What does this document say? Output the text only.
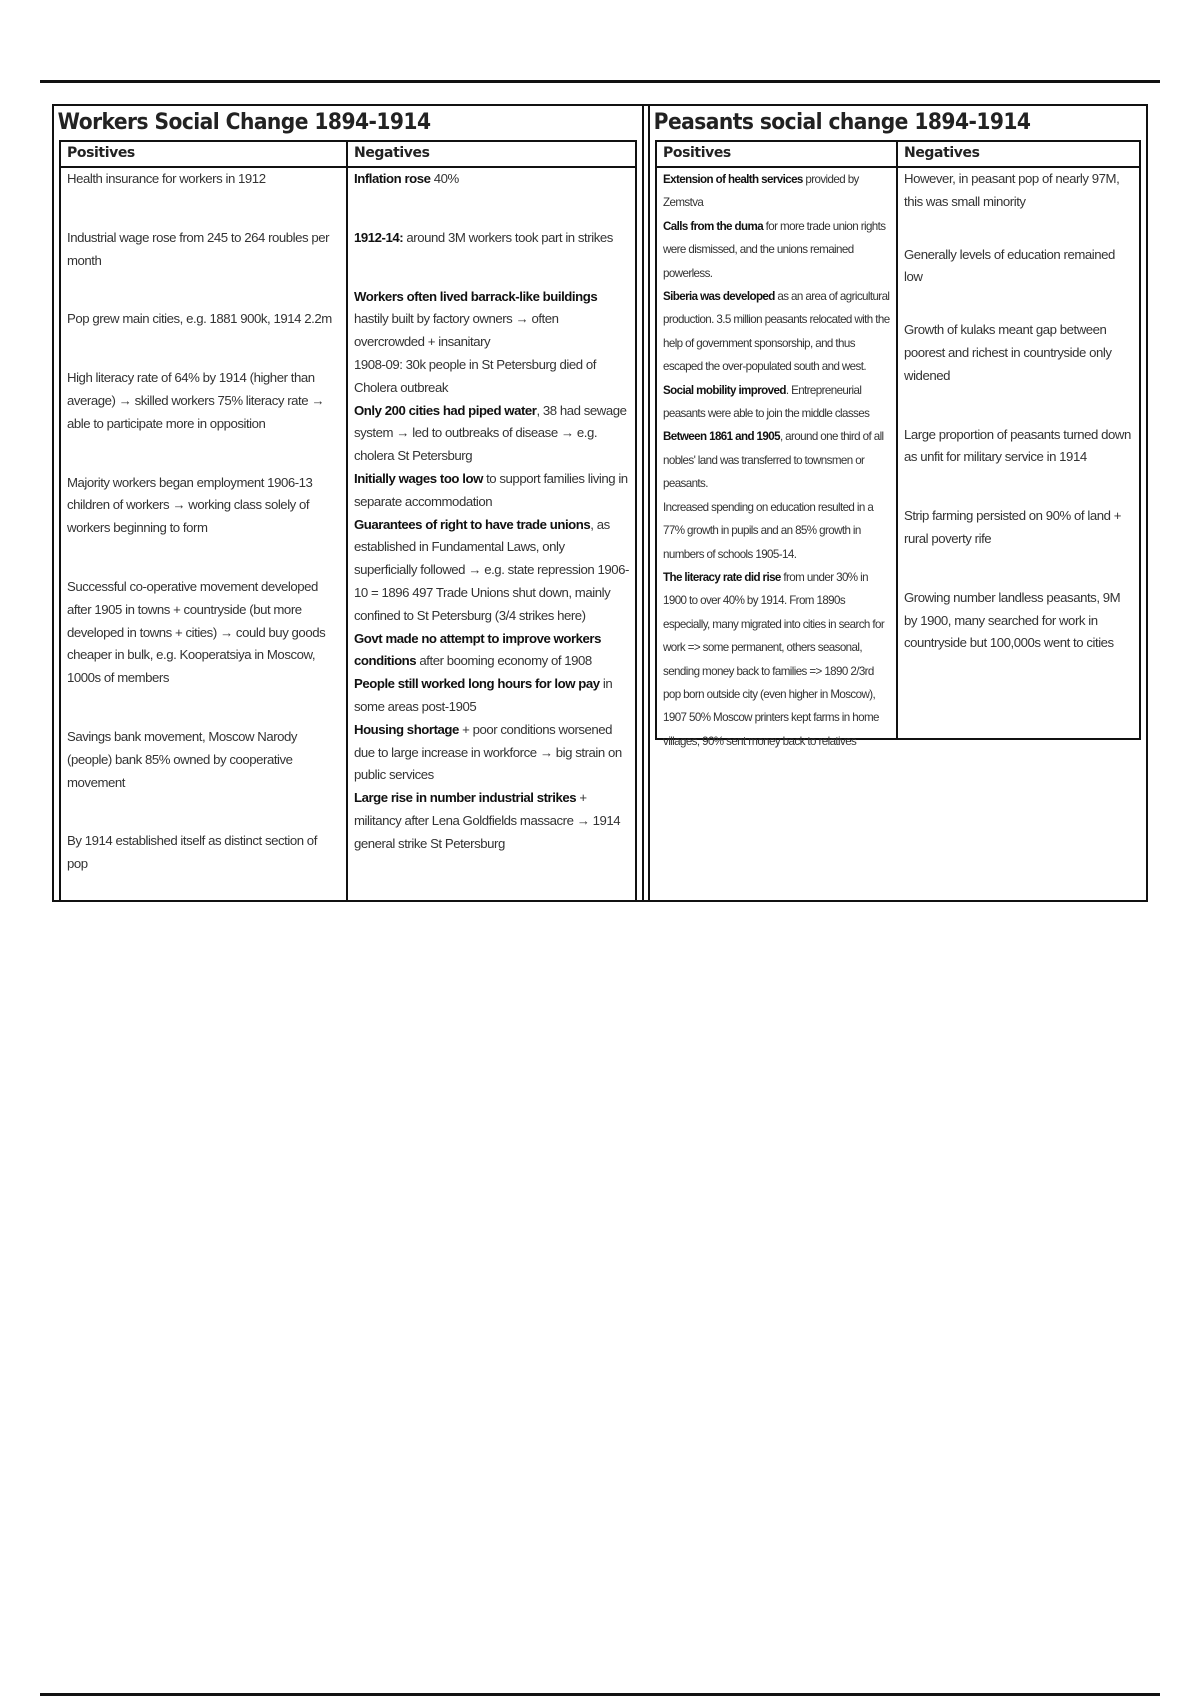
Workers Social Change 1894-1914
Positives	Negatives

Health insurance for workers in 1912

Industrial wage rose from 245 to 264 roubles per month

Pop grew main cities, e.g. 1881 900k, 1914 2.2m

High literacy rate of 64% by 1914 (higher than average) → skilled workers 75% literacy rate → able to participate more in opposition

Majority workers began employment 1906-13 children of workers → working class solely of workers beginning to form

Successful co-operative movement developed after 1905 in towns + countryside (but more developed in towns + cities) → could buy goods cheaper in bulk, e.g. Kooperatsiya in Moscow, 1000s of members

Savings bank movement, Moscow Narody (people) bank 85% owned by cooperative movement

By 1914 established itself as distinct section of pop

Inflation rose 40%

1912-14: around 3M workers took part in strikes

Workers often lived barrack-like buildings hastily built by factory owners → often overcrowded + insanitary

1908-09: 30k people in St Petersburg died of Cholera outbreak

Only 200 cities had piped water, 38 had sewage system → led to outbreaks of disease → e.g. cholera St Petersburg

Initially wages too low to support families living in separate accommodation

Guarantees of right to have trade unions, as established in Fundamental Laws, only superficially followed → e.g. state repression 1906-10 = 1896 497 Trade Unions shut down, mainly confined to St Petersburg (3/4 strikes here)

Govt made no attempt to improve workers conditions after booming economy of 1908

People still worked long hours for low pay in some areas post-1905

Housing shortage + poor conditions worsened due to large increase in workforce → big strain on public services

Large rise in number industrial strikes + militancy after Lena Goldfields massacre → 1914 general strike St Petersburg

Peasants social change 1894-1914
Positives	Negatives

Extension of health services provided by Zemstva

Calls from the duma for more trade union rights were dismissed, and the unions remained powerless.

Siberia was developed as an area of agricultural production. 3.5 million peasants relocated with the help of government sponsorship, and thus escaped the over-populated south and west.

Social mobility improved. Entrepreneurial peasants were able to join the middle classes

Between 1861 and 1905, around one third of all nobles' land was transferred to townsmen or peasants.

Increased spending on education resulted in a 77% growth in pupils and an 85% growth in numbers of schools 1905-14.

The literacy rate did rise from under 30% in 1900 to over 40% by 1914. From 1890s especially, many migrated into cities in search for work => some permanent, others seasonal, sending money back to families => 1890 2/3rd pop born outside city (even higher in Moscow), 1907 50% Moscow printers kept farms in home villages, 90% sent money back to relatives

However, in peasant pop of nearly 97M, this was small minority

Generally levels of education remained low

Growth of kulaks meant gap between poorest and richest in countryside only widened

Large proportion of peasants turned down as unfit for military service in 1914

Strip farming persisted on 90% of land + rural poverty rife

Growing number landless peasants, 9M by 1900, many searched for work in countryside but 100,000s went to cities
